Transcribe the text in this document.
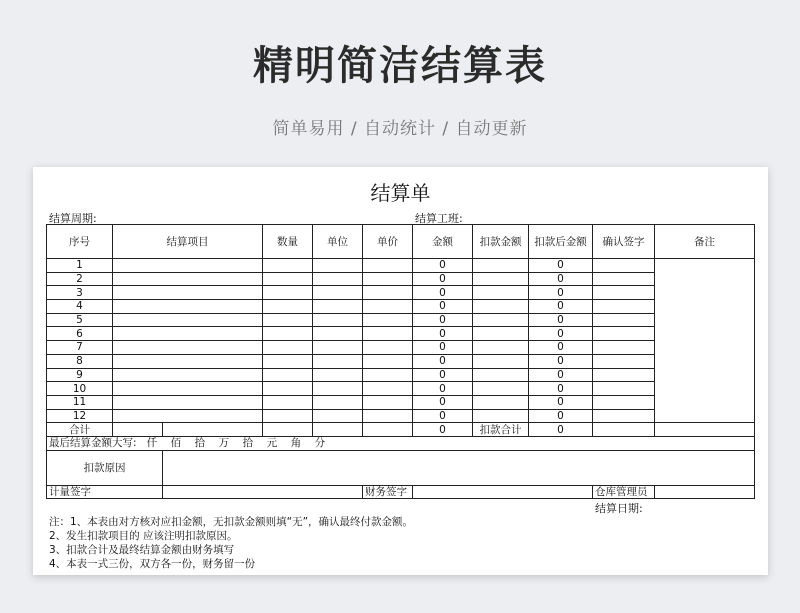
精明简洁结算表
简单易用 / 自动统计 / 自动更新
结算单
结算周期:	结算工班:
序号	结算项目		数量	单位	单价	金额	扣款金额	扣款后金额	确认签字	备注
1						0		0		
2						0		0		
3						0		0		
4						0		0		
5						0		0		
6						0		0		
7						0		0		
8						0		0		
9						0		0		
10						0		0		
11						0		0		
12						0		0		
合计						0	扣款合计	0		
最后结算金额大写: 仟 佰 拾 万 拾 元 角 分										
扣款原因										
计量签字					财务签字				仓库管理员	
结算日期:
注：1、本表由对方核对应扣金额，无扣款金额则填“无”，确认最终付款金额。
2、发生扣款项目的 应该注明扣款原因。
3、扣款合计及最终结算金额由财务填写
4、本表一式三份，双方各一份，财务留一份
